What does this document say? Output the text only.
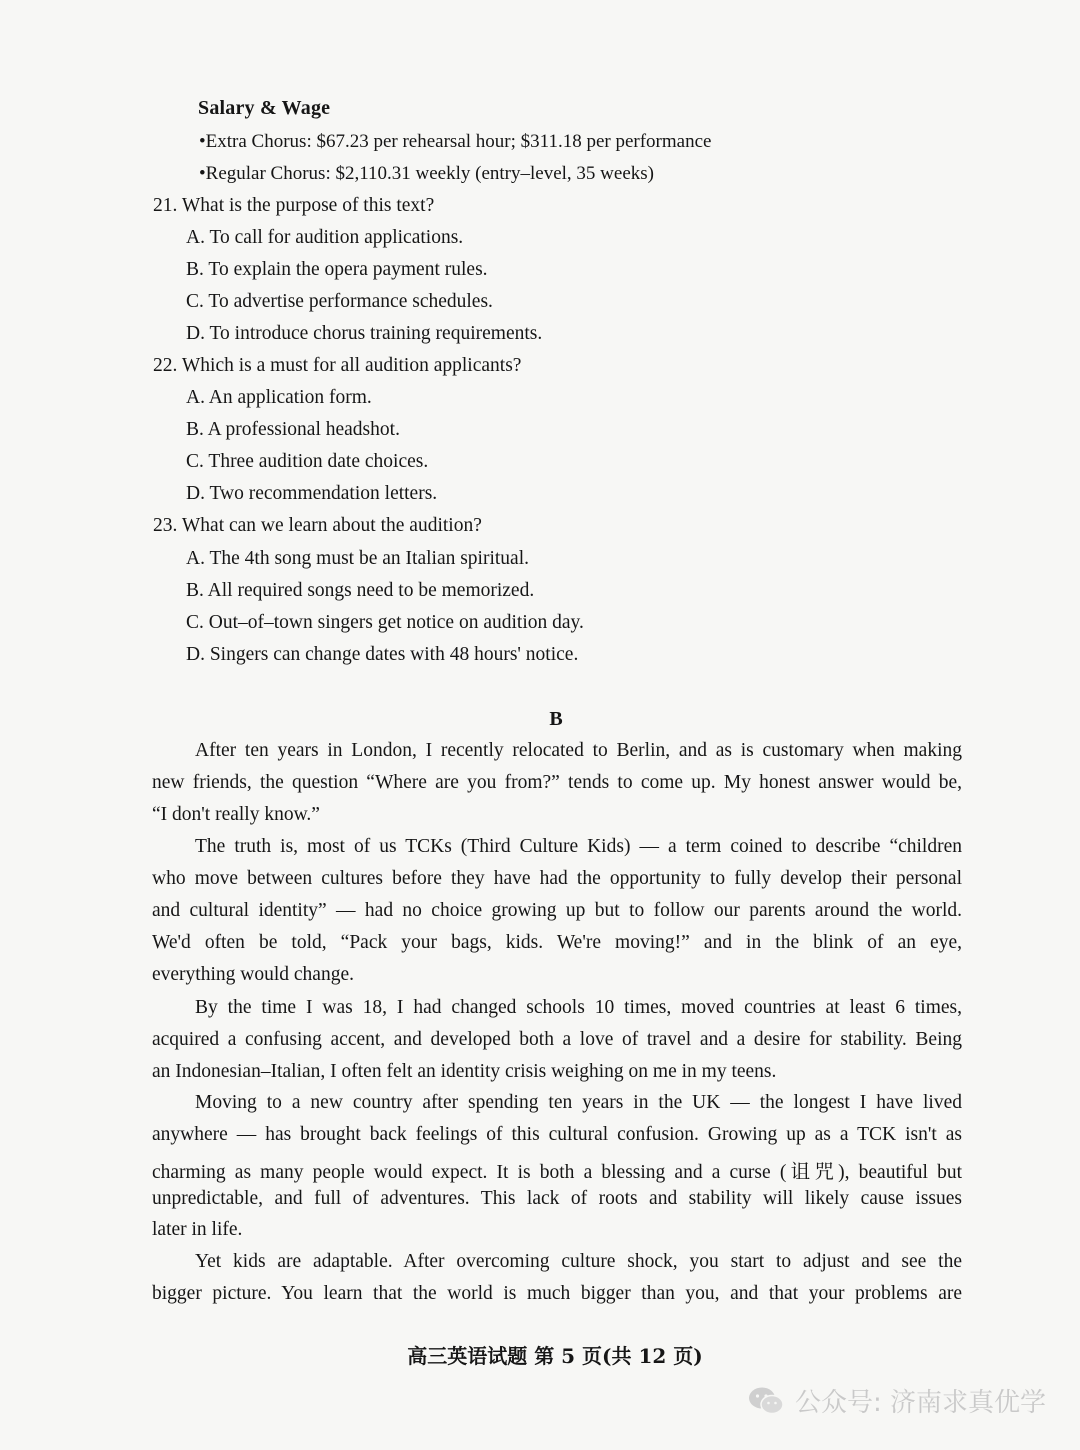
Salary & Wage
•Extra Chorus: $67.23 per rehearsal hour; $311.18 per performance
•Regular Chorus: $2,110.31 weekly (entry–level, 35 weeks)
21. What is the purpose of this text?
A. To call for audition applications.
B. To explain the opera payment rules.
C. To advertise performance schedules.
D. To introduce chorus training requirements.
22. Which is a must for all audition applicants?
A. An application form.
B. A professional headshot.
C. Three audition date choices.
D. Two recommendation letters.
23. What can we learn about the audition?
A. The 4th song must be an Italian spiritual.
B. All required songs need to be memorized.
C. Out–of–town singers get notice on audition day.
D. Singers can change dates with 48 hours' notice.
B
After ten years in London, I recently relocated to Berlin, and as is customary when making
new friends, the question “Where are you from?” tends to come up. My honest answer would be,
“I don't really know.”
The truth is, most of us TCKs (Third Culture Kids) — a term coined to describe “children
who move between cultures before they have had the opportunity to fully develop their personal
and cultural identity” — had no choice growing up but to follow our parents around the world.
We'd often be told, “Pack your bags, kids. We're moving!” and in the blink of an eye,
everything would change.
By the time I was 18, I had changed schools 10 times, moved countries at least 6 times,
acquired a confusing accent, and developed both a love of travel and a desire for stability. Being
an Indonesian–Italian, I often felt an identity crisis weighing on me in my teens.
Moving to a new country after spending ten years in the UK — the longest I have lived
anywhere — has brought back feelings of this cultural confusion. Growing up as a TCK isn't as
charming as many people would expect. It is both a blessing and a curse (诅咒), beautiful but
unpredictable, and full of adventures. This lack of roots and stability will likely cause issues
later in life.
Yet kids are adaptable. After overcoming culture shock, you start to adjust and see the
bigger picture. You learn that the world is much bigger than you, and that your problems are
高三英语试题 第 5 页(共 12 页)
公众号: 济南求真优学
